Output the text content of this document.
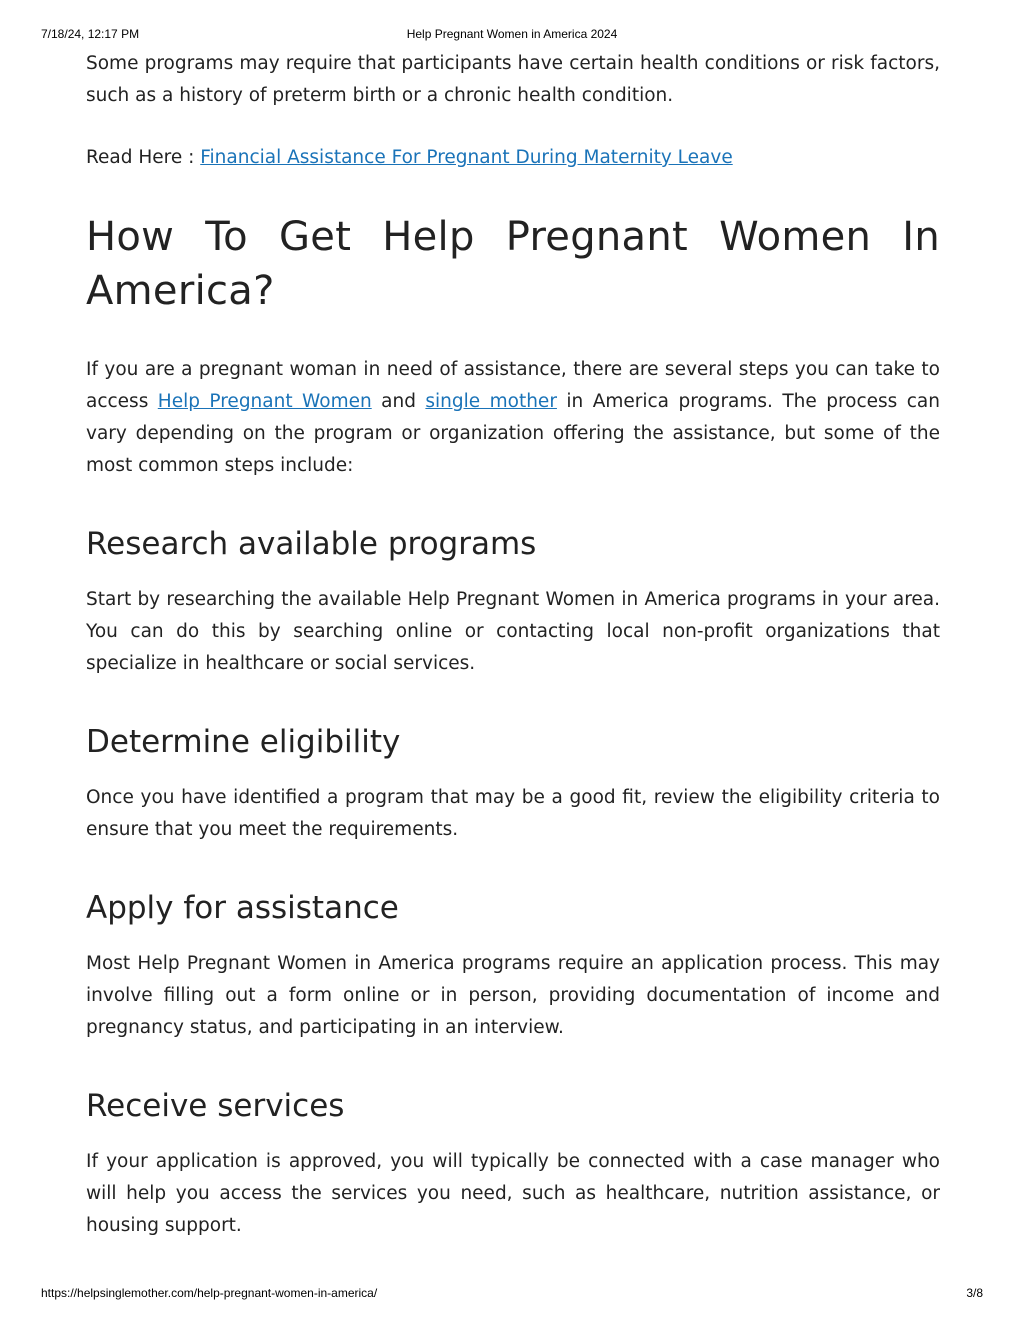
7/18/24, 12:17 PM	Help Pregnant Women in America 2024

Some programs may require that participants have certain health conditions or risk factors, such as a history of preterm birth or a chronic health condition.

Read Here : Financial Assistance For Pregnant During Maternity Leave

How To Get Help Pregnant Women In
America?

If you are a pregnant woman in need of assistance, there are several steps you can take to access Help Pregnant Women and single mother in America programs. The process can vary depending on the program or organization offering the assistance, but some of the most common steps include:

Research available programs

Start by researching the available Help Pregnant Women in America programs in your area. You can do this by searching online or contacting local non-profit organizations that specialize in healthcare or social services.

Determine eligibility

Once you have identified a program that may be a good fit, review the eligibility criteria to ensure that you meet the requirements.

Apply for assistance

Most Help Pregnant Women in America programs require an application process. This may involve filling out a form online or in person, providing documentation of income and pregnancy status, and participating in an interview.

Receive services

If your application is approved, you will typically be connected with a case manager who will help you access the services you need, such as healthcare, nutrition assistance, or housing support.

https://helpsinglemother.com/help-pregnant-women-in-america/	3/8
